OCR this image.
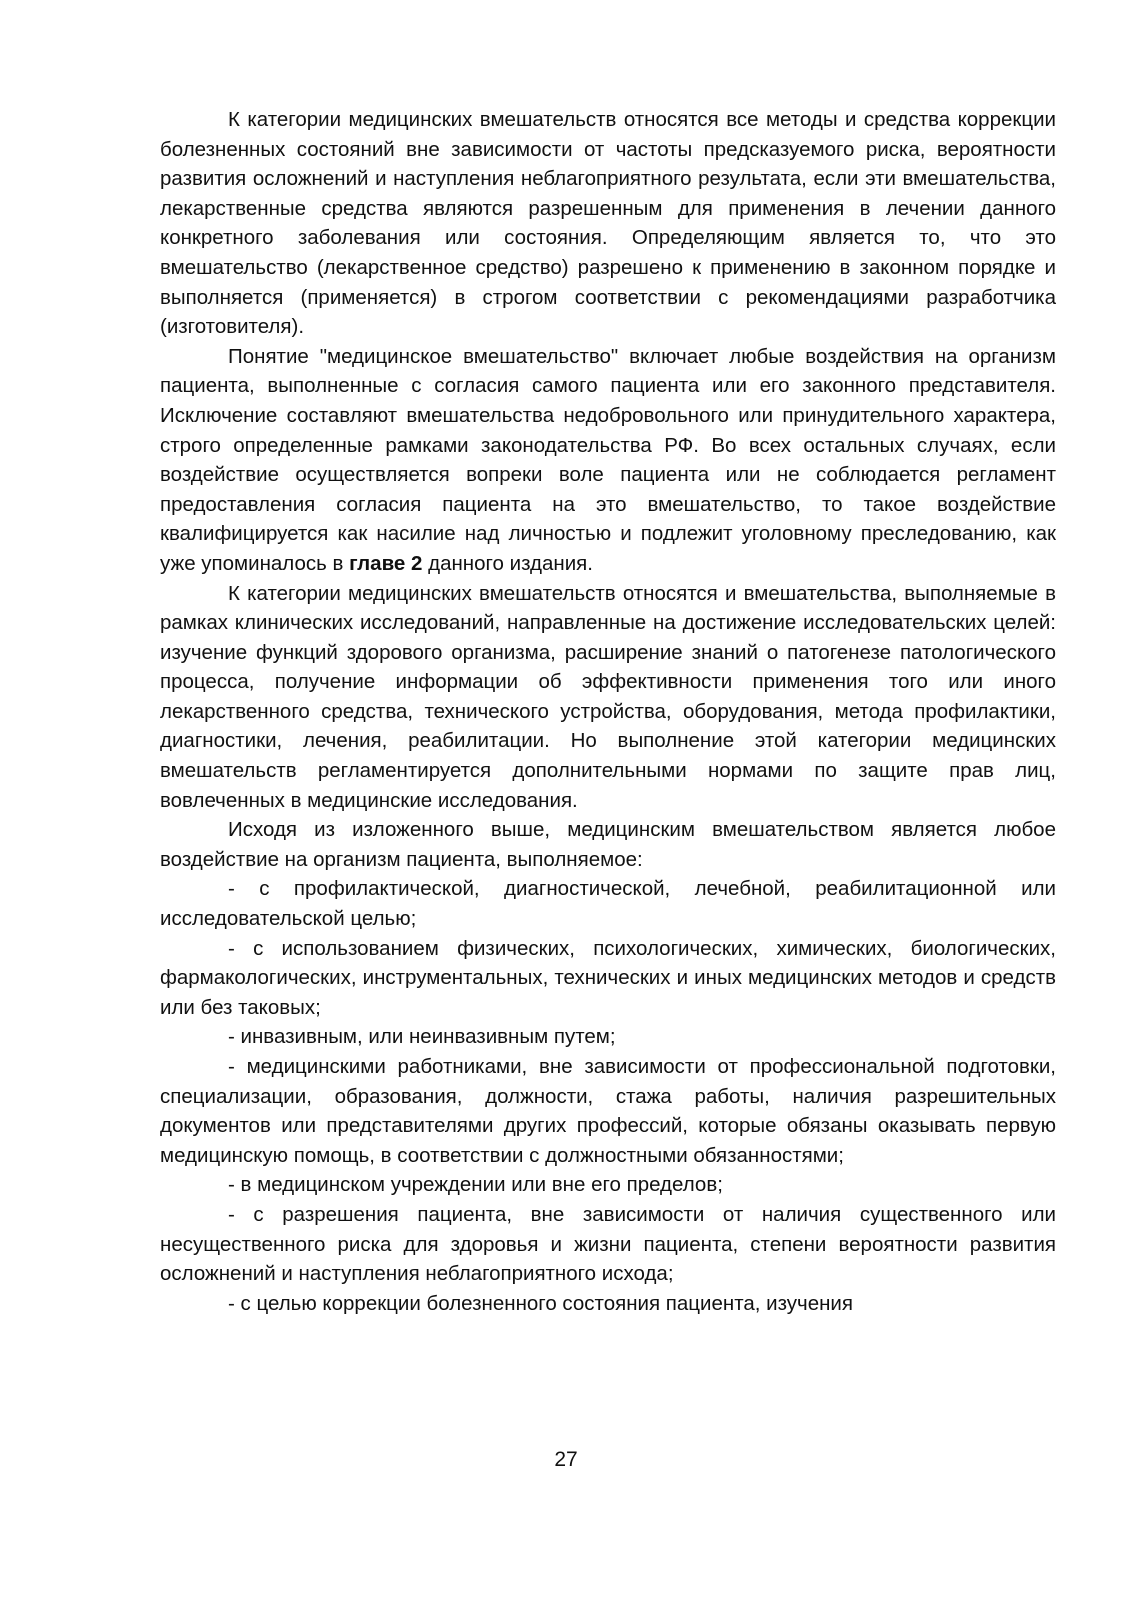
К категории медицинских вмешательств относятся все методы и средства коррекции болезненных состояний вне зависимости от частоты предсказуемого риска, вероятности развития осложнений и наступления неблагоприятного результата, если эти вмешательства, лекарственные средства являются разрешенным для применения в лечении данного конкретного заболевания или состояния. Определяющим является то, что это вмешательство (лекарственное средство) разрешено к применению в законном порядке и выполняется (применяется) в строгом соответствии с рекомендациями разработчика (изготовителя).

Понятие "медицинское вмешательство" включает любые воздействия на организм пациента, выполненные с согласия самого пациента или его законного представителя. Исключение составляют вмешательства недобровольного или принудительного характера, строго определенные рамками законодательства РФ. Во всех остальных случаях, если воздействие осуществляется вопреки воле пациента или не соблюдается регламент предоставления согласия пациента на это вмешательство, то такое воздействие квалифицируется как насилие над личностью и подлежит уголовному преследованию, как уже упоминалось в главе 2 данного издания.

К категории медицинских вмешательств относятся и вмешательства, выполняемые в рамках клинических исследований, направленные на достижение исследовательских целей: изучение функций здорового организма, расширение знаний о патогенезе патологического процесса, получение информации об эффективности применения того или иного лекарственного средства, технического устройства, оборудования, метода профилактики, диагностики, лечения, реабилитации. Но выполнение этой категории медицинских вмешательств регламентируется дополнительными нормами по защите прав лиц, вовлеченных в медицинские исследования.

Исходя из изложенного выше, медицинским вмешательством является любое воздействие на организм пациента, выполняемое:

- с профилактической, диагностической, лечебной, реабилитационной или исследовательской целью;

- с использованием физических, психологических, химических, биологических, фармакологических, инструментальных, технических и иных медицинских методов и средств или без таковых;

- инвазивным, или неинвазивным путем;

- медицинскими работниками, вне зависимости от профессиональной подготовки, специализации, образования, должности, стажа работы, наличия разрешительных документов или представителями других профессий, которые обязаны оказывать первую медицинскую помощь, в соответствии с должностными обязанностями;

- в медицинском учреждении или вне его пределов;

- с разрешения пациента, вне зависимости от наличия существенного или несущественного риска для здоровья и жизни пациента, степени вероятности развития осложнений и наступления неблагоприятного исхода;

- с целью коррекции болезненного состояния пациента, изучения

27
